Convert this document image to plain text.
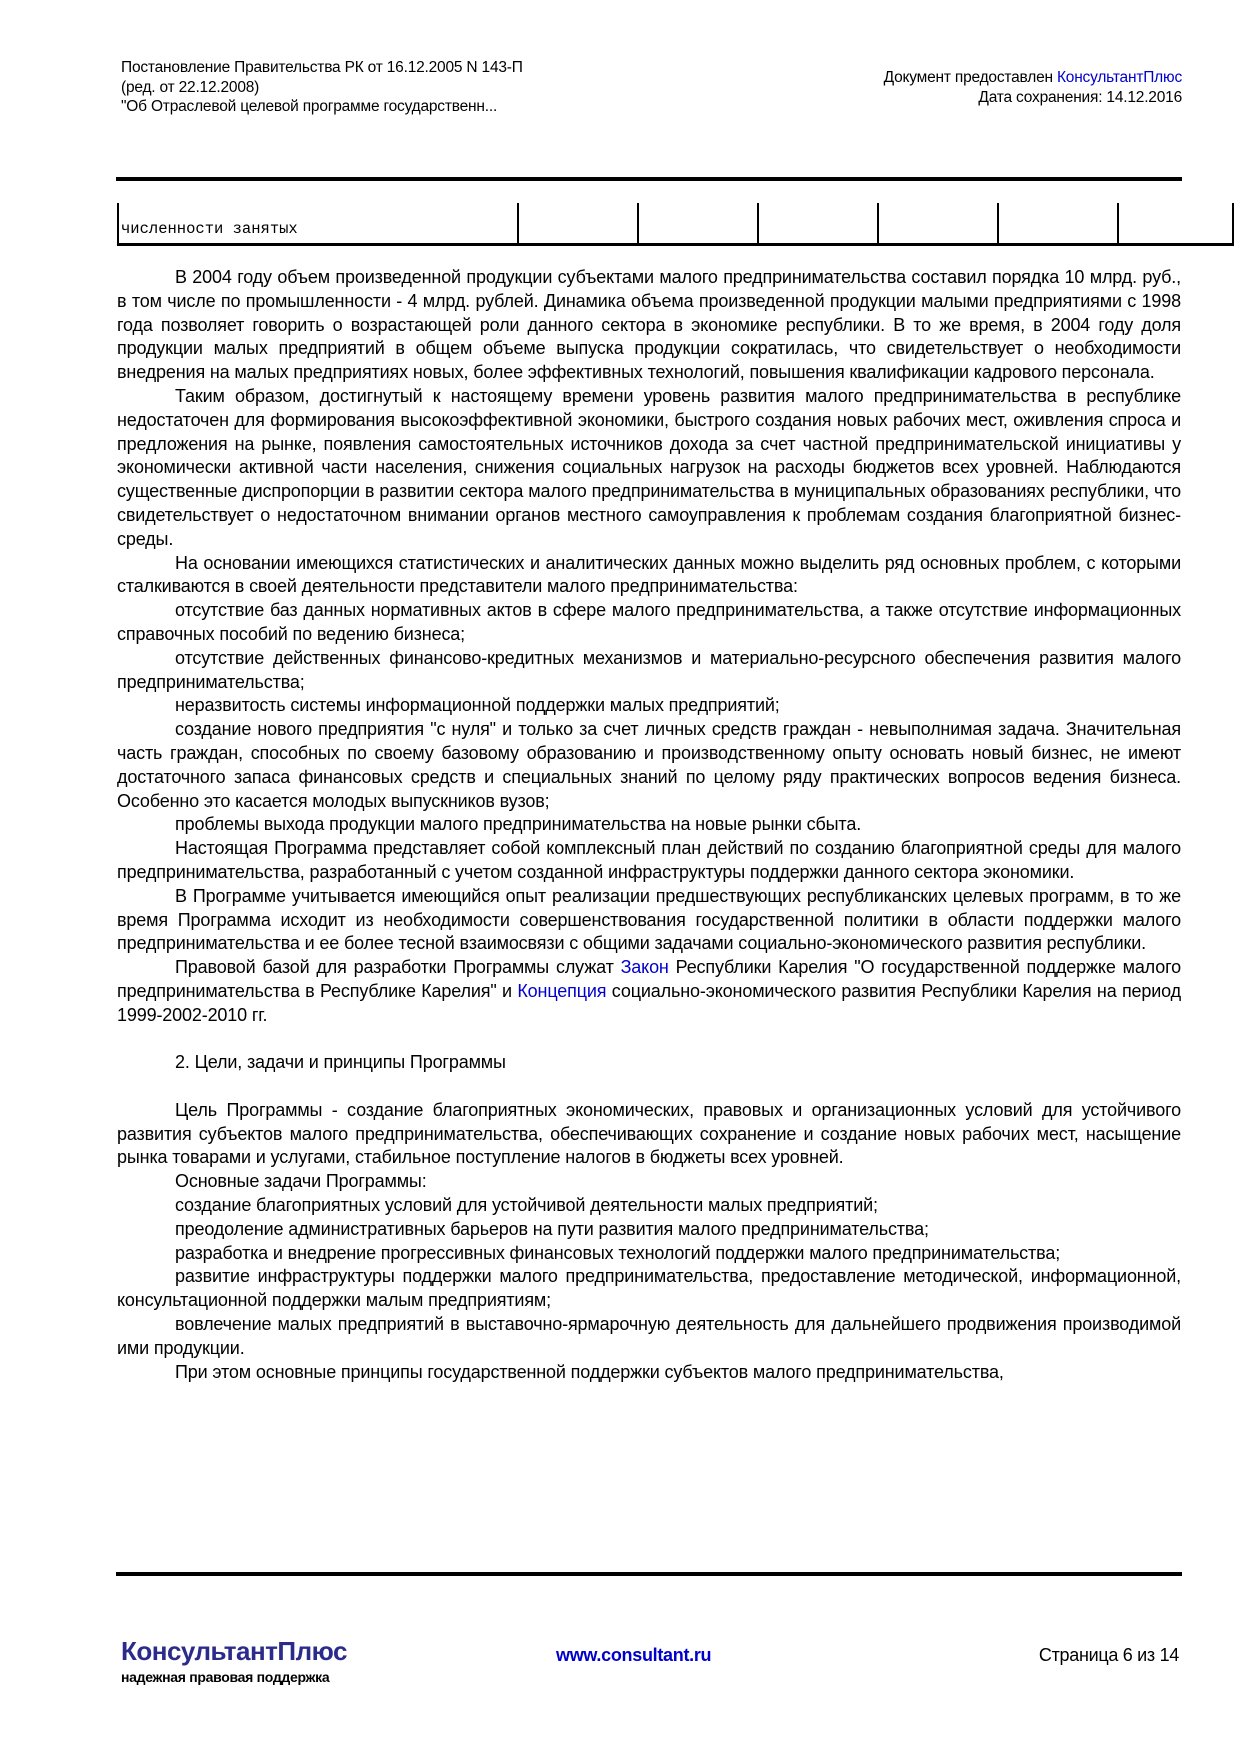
Постановление Правительства РК от 16.12.2005 N 143-П
(ред. от 22.12.2008)
"Об Отраслевой целевой программе государственн...
Документ предоставлен КонсультантПлюс
Дата сохранения: 14.12.2016
численности занятых

В 2004 году объем произведенной продукции субъектами малого предпринимательства составил порядка 10 млрд. руб., в том числе по промышленности - 4 млрд. рублей. Динамика объема произведенной продукции малыми предприятиями с 1998 года позволяет говорить о возрастающей роли данного сектора в экономике республики. В то же время, в 2004 году доля продукции малых предприятий в общем объеме выпуска продукции сократилась, что свидетельствует о необходимости внедрения на малых предприятиях новых, более эффективных технологий, повышения квалификации кадрового персонала.

Таким образом, достигнутый к настоящему времени уровень развития малого предпринимательства в республике недостаточен для формирования высокоэффективной экономики, быстрого создания новых рабочих мест, оживления спроса и предложения на рынке, появления самостоятельных источников дохода за счет частной предпринимательской инициативы у экономически активной части населения, снижения социальных нагрузок на расходы бюджетов всех уровней. Наблюдаются существенные диспропорции в развитии сектора малого предпринимательства в муниципальных образованиях республики, что свидетельствует о недостаточном внимании органов местного самоуправления к проблемам создания благоприятной бизнес-среды.

На основании имеющихся статистических и аналитических данных можно выделить ряд основных проблем, с которыми сталкиваются в своей деятельности представители малого предпринимательства:

отсутствие баз данных нормативных актов в сфере малого предпринимательства, а также отсутствие информационных справочных пособий по ведению бизнеса;

отсутствие действенных финансово-кредитных механизмов и материально-ресурсного обеспечения развития малого предпринимательства;

неразвитость системы информационной поддержки малых предприятий;

создание нового предприятия "с нуля" и только за счет личных средств граждан - невыполнимая задача. Значительная часть граждан, способных по своему базовому образованию и производственному опыту основать новый бизнес, не имеют достаточного запаса финансовых средств и специальных знаний по целому ряду практических вопросов ведения бизнеса. Особенно это касается молодых выпускников вузов;

проблемы выхода продукции малого предпринимательства на новые рынки сбыта.

Настоящая Программа представляет собой комплексный план действий по созданию благоприятной среды для малого предпринимательства, разработанный с учетом созданной инфраструктуры поддержки данного сектора экономики.

В Программе учитывается имеющийся опыт реализации предшествующих республиканских целевых программ, в то же время Программа исходит из необходимости совершенствования государственной политики в области поддержки малого предпринимательства и ее более тесной взаимосвязи с общими задачами социально-экономического развития республики.

Правовой базой для разработки Программы служат Закон Республики Карелия "О государственной поддержке малого предпринимательства в Республике Карелия" и Концепция социально-экономического развития Республики Карелия на период 1999-2002-2010 гг.

2. Цели, задачи и принципы Программы

Цель Программы - создание благоприятных экономических, правовых и организационных условий для устойчивого развития субъектов малого предпринимательства, обеспечивающих сохранение и создание новых рабочих мест, насыщение рынка товарами и услугами, стабильное поступление налогов в бюджеты всех уровней.

Основные задачи Программы:

создание благоприятных условий для устойчивой деятельности малых предприятий;

преодоление административных барьеров на пути развития малого предпринимательства;

разработка и внедрение прогрессивных финансовых технологий поддержки малого предпринимательства;

развитие инфраструктуры поддержки малого предпринимательства, предоставление методической, информационной, консультационной поддержки малым предприятиям;

вовлечение малых предприятий в выставочно-ярмарочную деятельность для дальнейшего продвижения производимой ими продукции.

При этом основные принципы государственной поддержки субъектов малого предпринимательства,

КонсультантПлюс
надежная правовая поддержка
www.consultant.ru	Страница 6 из 14
